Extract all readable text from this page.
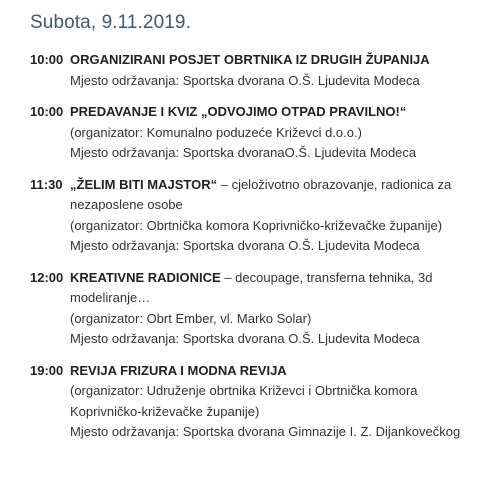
Subota, 9.11.2019.
10:00 ORGANIZIRANI POSJET OBRTNIKA IZ DRUGIH ŽUPANIJA
Mjesto održavanja: Sportska dvorana O.Š. Ljudevita Modeca
10:00 PREDAVANJE I KVIZ „ODVOJIMO OTPAD PRAVILNO!“
(organizator: Komunalno poduzeće Križevci d.o.o.)
Mjesto održavanja: Sportska dvoranaO.Š. Ljudevita Modeca
11:30 „ŽELIM BITI MAJSTOR“ – cjeloživotno obrazovanje, radionica za nezaposlene osobe
(organizator: Obrtnička komora Koprivničko-križevačke županije)
Mjesto održavanja: Sportska dvorana O.Š. Ljudevita Modeca
12:00 KREATIVNE RADIONICE – decoupage, transferna tehnika, 3d modeliranje…
(organizator: Obrt Ember, vl. Marko Solar)
Mjesto održavanja: Sportska dvorana O.Š. Ljudevita Modeca
19:00 REVIJA FRIZURA I MODNA REVIJA
(organizator: Udruženje obrtnika Križevci i Obrtnička komora Koprivničko-križevačke županije)
Mjesto održavanja: Sportska dvorana Gimnazije I. Z. Dijankovečkog
